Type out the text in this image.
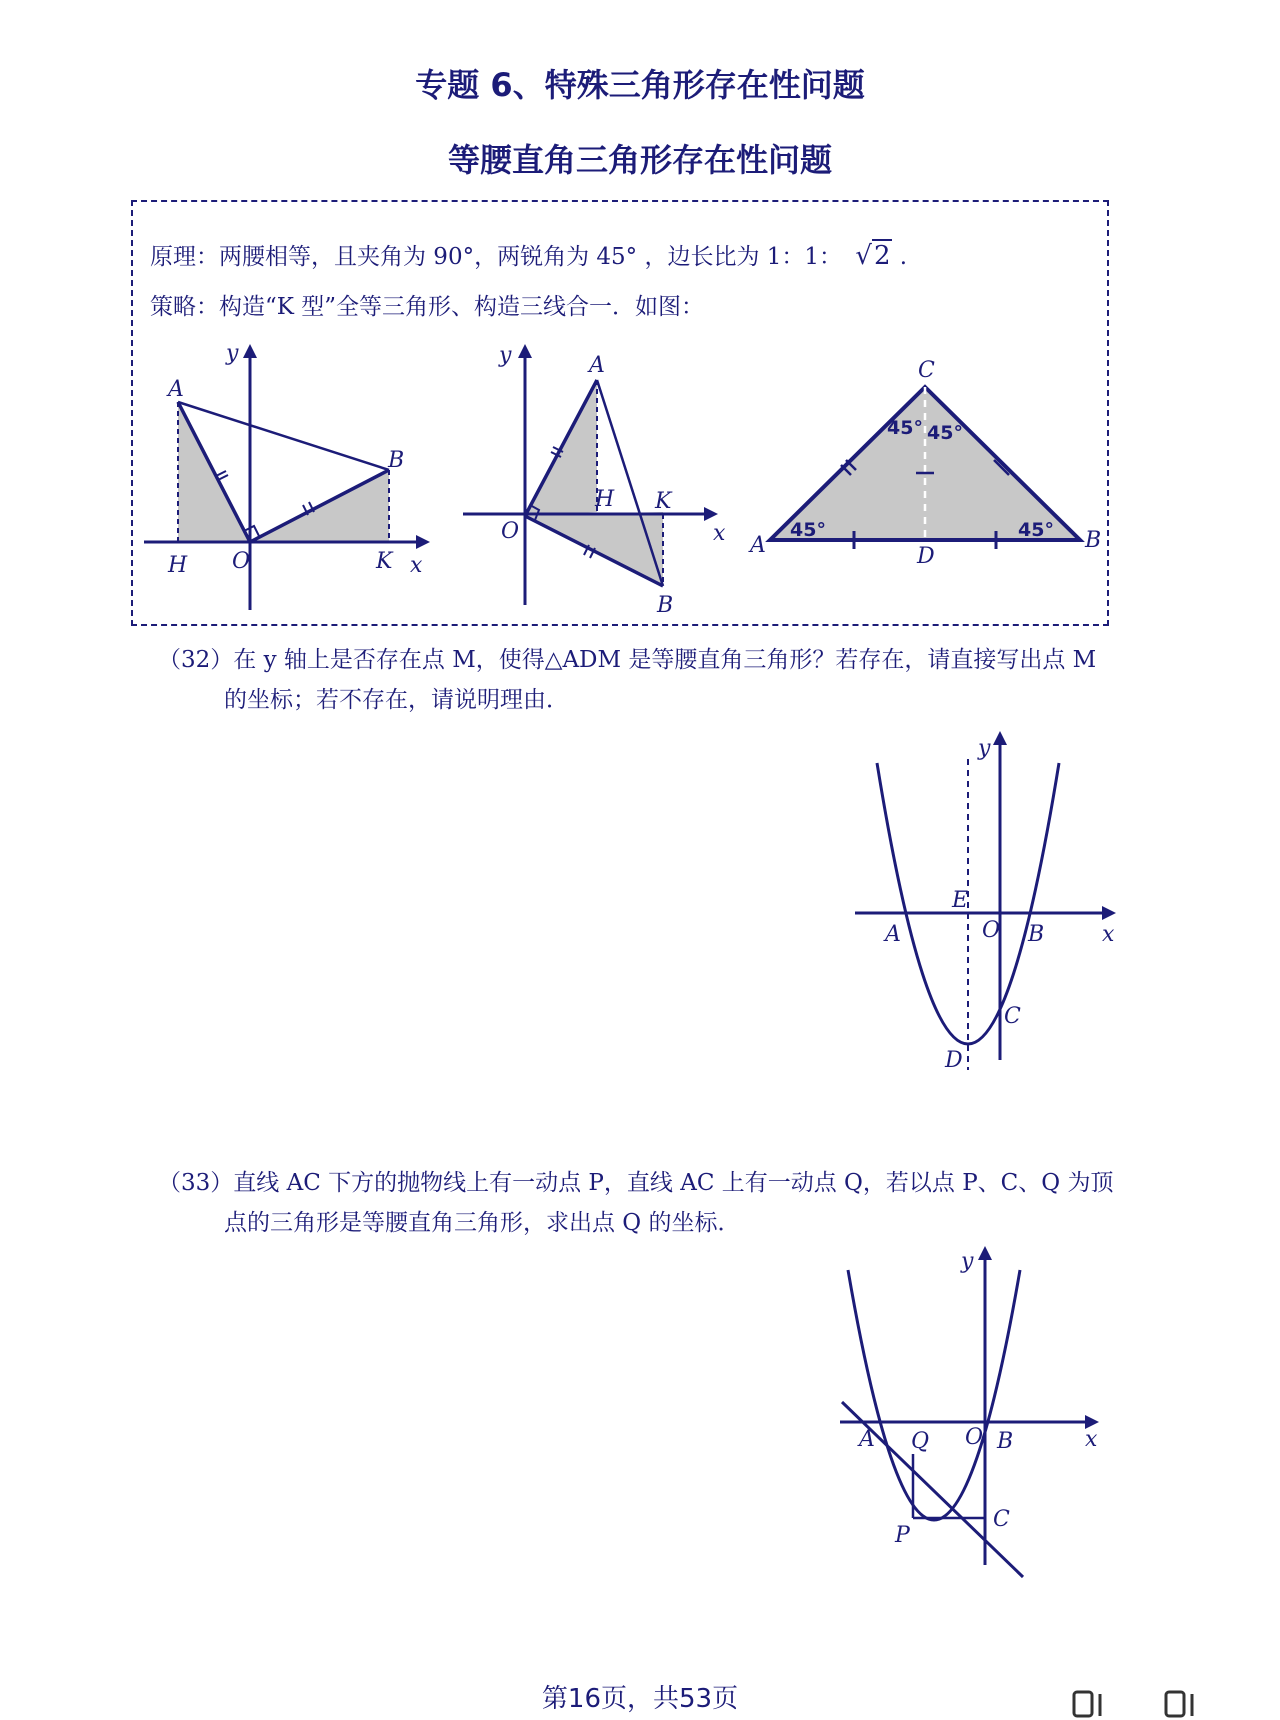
专题 6、特殊三角形存在性问题
等腰直角三角形存在性问题
原理：两腰相等，且夹角为 90°，两锐角为 45° ，边长比为 1：1： √2 .
策略：构造“K 型”全等三角形、构造三线合一．如图：
y
A
B
H O	K x
y	A
O
H K
B
x
C
A	B
D
45° 45°
45°	45°
（32）在 y 轴上是否存在点 M，使得△ADM 是等腰直角三角形？若存在，请直接写出点 M
的坐标；若不存在，请说明理由．
y
E
O
A	B	x
C
D
（33）直线 AC 下方的抛物线上有一动点 P，直线 AC 上有一动点 Q，若以点 P、C、Q 为顶
点的三角形是等腰直角三角形，求出点 Q 的坐标．
y
A Q O B	x
P
C
第16页，共53页
